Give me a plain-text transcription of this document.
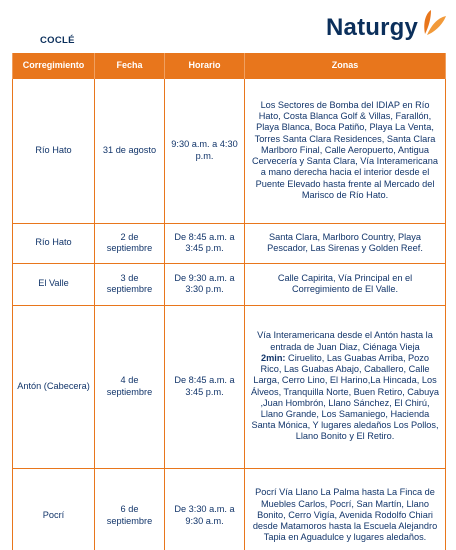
Naturgy
COCLÉ
Corregimiento	Fecha	Horario	Zonas
Río Hato	31 de agosto	9:30 a.m. a 4:30 p.m.	Los Sectores de Bomba del IDIAP en Río Hato, Costa Blanca Golf & Villas, Farallón, Playa Blanca, Boca Patiño, Playa La Venta, Torres Santa Clara Residences, Santa Clara Marlboro Final, Calle Aeropuerto, Antigua Cervecería y Santa Clara, Vía Interamericana a mano derecha hacia el interior desde el Puente Elevado hasta frente al Mercado del Marisco de Río Hato.
Río Hato	2 de septiembre	De 8:45 a.m. a 3:45 p.m.	Santa Clara, Marlboro Country, Playa Pescador, Las Sirenas y Golden Reef.
El Valle	3 de septiembre	De 9:30 a.m. a 3:30 p.m.	Calle Capirita, Vía Principal en el Corregimiento de El Valle.
Antón (Cabecera)	4 de septiembre	De 8:45 a.m. a 3:45 p.m.	Vía Interamericana desde el Antón hasta la entrada de Juan Diaz, Ciénaga Vieja

2min: Ciruelito, Las Guabas Arriba, Pozo Rico, Las Guabas Abajo, Caballero, Calle Larga, Cerro Lino, El Harino,La Hincada, Los Álveos, Tranquilla Norte, Buen Retiro, Cabuya ,Juan Hombrón, Llano Sánchez, El Chirú, Llano Grande, Los Samaniego, Hacienda Santa Mónica, Y lugares aledaños Los Pollos, Llano Bonito y El Retiro.

Pocrí	6 de septiembre	De 3:30 a.m. a 9:30 a.m.	Pocrí Vía Llano La Palma hasta La Finca de Muebles Carlos, Pocrí, San Martín, Llano Bonito, Cerro Vigía, Avenida Rodolfo Chiari desde Matamoros hasta la Escuela Alejandro Tapia en Aguadulce y lugares aledaños.
